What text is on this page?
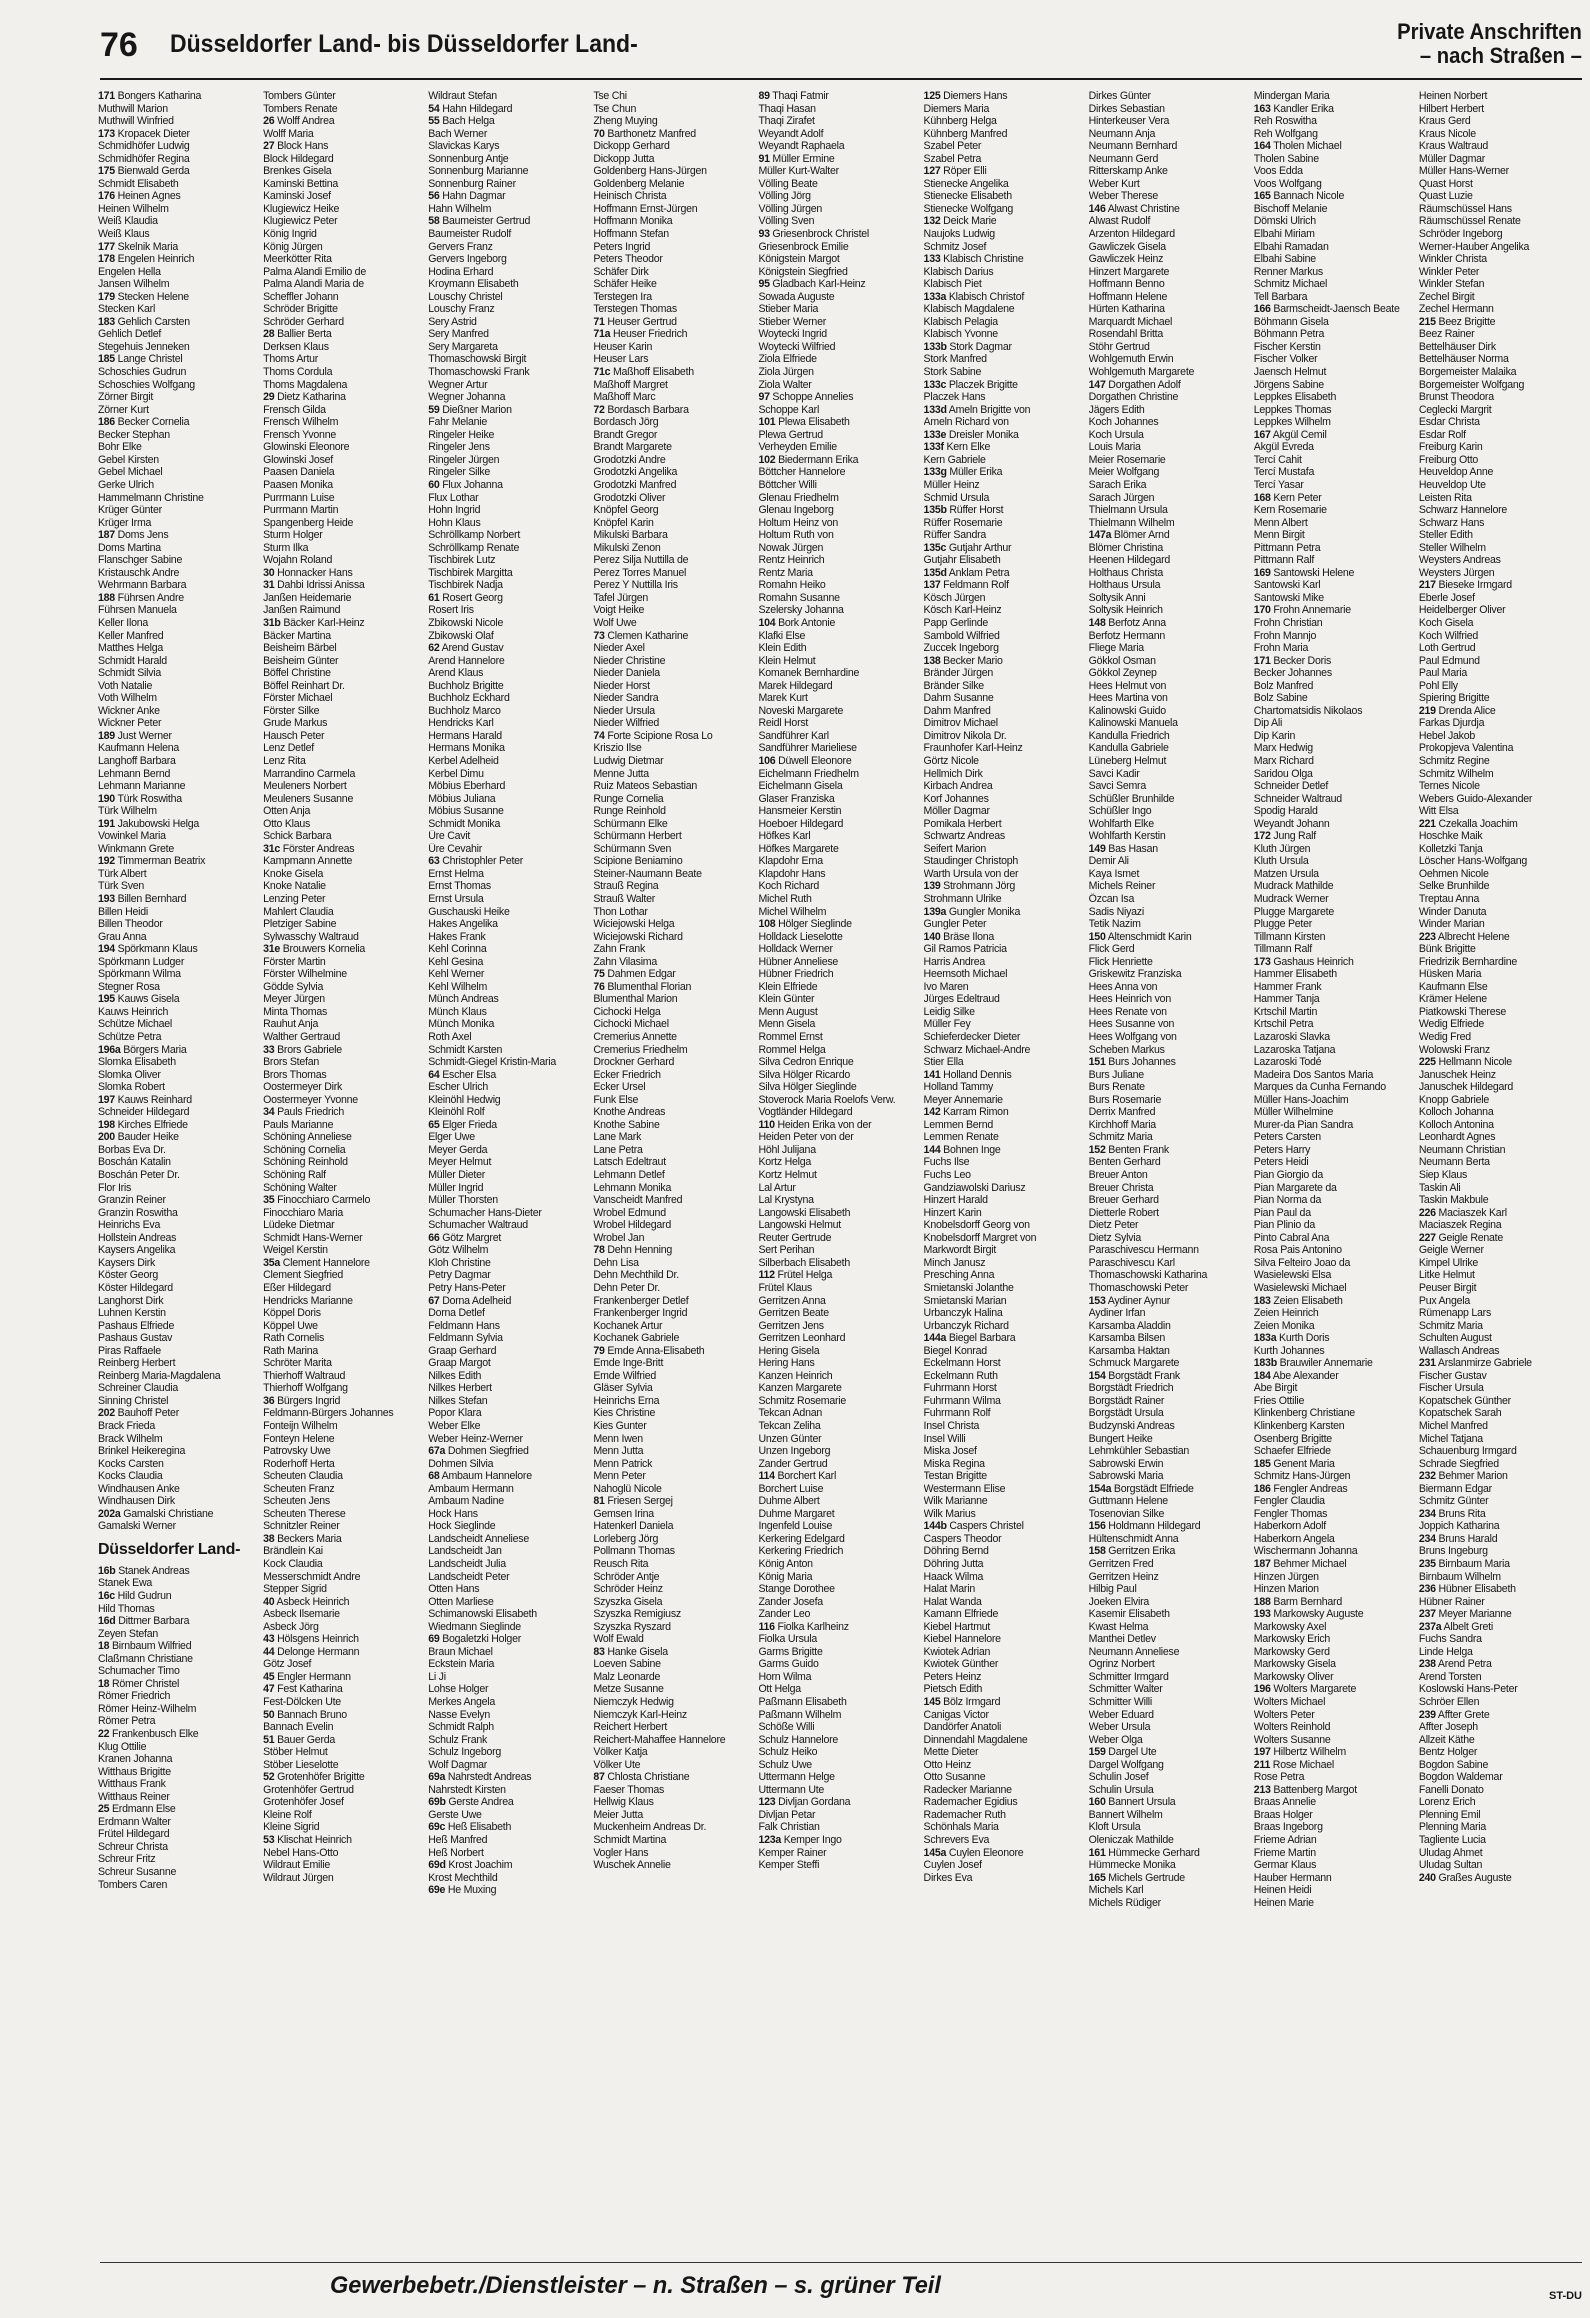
76 Düsseldorfer Land- bis Düsseldorfer Land-	Private Anschriften
– nach Straßen –
171 Bongers Katharina
Muthwill Marion
Muthwill Winfried
173 Kropacek Dieter
Schmidhöfer Ludwig
Schmidhöfer Regina
175 Bienwald Gerda
Schmidt Elisabeth
176 Heinen Agnes
Heinen Wilhelm
Weiß Klaudia
Weiß Klaus
177 Skelnik Maria
178 Engelen Heinrich
Engelen Hella
Jansen Wilhelm
179 Stecken Helene
Stecken Karl
183 Gehlich Carsten
Gehlich Detlef
Stegehuis Jenneken
185 Lange Christel
Schoschies Gudrun
Schoschies Wolfgang
Zörner Birgit
Zörner Kurt
186 Becker Cornelia
Becker Stephan
Bohr Elke
Gebel Kirsten
Gebel Michael
Gerke Ulrich
Hammelmann Christine
Krüger Günter
Krüger Irma
187 Doms Jens
Doms Martina
Flanschger Sabine
Kristauschk Andre
Wehrmann Barbara
188 Führsen Andre
Führsen Manuela
Keller Ilona
Keller Manfred
Matthes Helga
Schmidt Harald
Schmidt Silvia
Voth Natalie
Voth Wilhelm
Wickner Anke
Wickner Peter
189 Just Werner
Kaufmann Helena
Langhoff Barbara
Lehmann Bernd
Lehmann Marianne
190 Türk Roswitha
Türk Wilhelm
191 Jakubowski Helga
Vowinkel Maria
Winkmann Grete
192 Timmerman Beatrix
Türk Albert
Türk Sven
193 Billen Bernhard
Billen Heidi
Billen Theodor
Grau Anna
194 Spörkmann Klaus
Spörkmann Ludger
Spörkmann Wilma
Stegner Rosa
195 Kauws Gisela
Kauws Heinrich
Schütze Michael
Schütze Petra
196a Börgers Maria
Slomka Elisabeth
Slomka Oliver
Slomka Robert
197 Kauws Reinhard
Schneider Hildegard
198 Kirches Elfriede
200 Bauder Heike
Borbas Eva Dr.
Boschán Katalin
Boschán Peter Dr.
Flor Iris
Granzin Reiner
Granzin Roswitha
Heinrichs Eva
Hollstein Andreas
Kaysers Angelika
Kaysers Dirk
Köster Georg
Köster Hildegard
Langhorst Dirk
Luhnen Kerstin
Pashaus Elfriede
Pashaus Gustav
Piras Raffaele
Reinberg Herbert
Reinberg Maria-Magdalena
Schreiner Claudia
Sinning Christel
202 Bauhoff Peter
Brack Frieda
Brack Wilhelm
Brinkel Heikeregina
Kocks Carsten
Kocks Claudia
Windhausen Anke
Windhausen Dirk
202a Gamalski Christiane
Gamalski Werner
Düsseldorfer Land-
16b Stanek Andreas
Stanek Ewa
16c Hild Gudrun
Hild Thomas
16d Dittmer Barbara
Zeyen Stefan
18 Birnbaum Wilfried
Claßmann Christiane
Schumacher Timo
18 Römer Christel
Römer Friedrich
Römer Heinz-Wilhelm
Römer Petra
22 Frankenbusch Elke
Klug Ottilie
Kranen Johanna
Witthaus Brigitte
Witthaus Frank
Witthaus Reiner
25 Erdmann Else
Erdmann Walter
Frütel Hildegard
Schreur Christa
Schreur Fritz
Schreur Susanne
Tombers Caren
Tombers Günter
Tombers Renate
26 Wolff Andrea
Wolff Maria
27 Block Hans
Block Hildegard
Brenkes Gisela
Kaminski Bettina
Kaminski Josef
Klugiewicz Heike
Klugiewicz Peter
König Ingrid
König Jürgen
Meerkötter Rita
Palma Alandi Emilio de
Palma Alandi Maria de
Scheffler Johann
Schröder Brigitte
Schröder Gerhard
28 Ballier Berta
Derksen Klaus
Thoms Artur
Thoms Cordula
Thoms Magdalena
29 Dietz Katharina
Frensch Gilda
Frensch Wilhelm
Frensch Yvonne
Glowinski Eleonore
Glowinski Josef
Paasen Daniela
Paasen Monika
Purrmann Luise
Purrmann Martin
Spangenberg Heide
Sturm Holger
Sturm Ilka
Wojahn Roland
30 Honnacker Hans
31 Dahbi Idrissi Anissa
Janßen Heidemarie
Janßen Raimund
31b Bäcker Karl-Heinz
Bäcker Martina
Beisheim Bärbel
Beisheim Günter
Böffel Christine
Böffel Reinhart Dr.
Förster Michael
Förster Silke
Grude Markus
Hausch Peter
Lenz Detlef
Lenz Rita
Marrandino Carmela
Meuleners Norbert
Meuleners Susanne
Otten Anja
Otto Klaus
Schick Barbara
31c Förster Andreas
Kampmann Annette
Knoke Gisela
Knoke Natalie
Lenzing Peter
Mahlert Claudia
Pletziger Sabine
Sylwasschy Waltraud
31e Brouwers Kornelia
Förster Martin
Förster Wilhelmine
Gödde Sylvia
Meyer Jürgen
Minta Thomas
Rauhut Anja
Walther Gertraud
33 Brors Gabriele
Brors Stefan
Brors Thomas
Oostermeyer Dirk
Oostermeyer Yvonne
34 Pauls Friedrich
Pauls Marianne
Schöning Anneliese
Schöning Cornelia
Schöning Reinhold
Schöning Ralf
Schöning Walter
35 Finocchiaro Carmelo
Finocchiaro Maria
Lüdeke Dietmar
Schmidt Hans-Werner
Weigel Kerstin
35a Clement Hannelore
Clement Siegfried
Eßer Hildegard
Hendricks Marianne
Köppel Doris
Köppel Uwe
Rath Cornelis
Rath Marina
Schröter Marita
Thierhoff Waltraud
Thierhoff Wolfgang
36 Bürgers Ingrid
Feldmann-Bürgers Johannes
Fonteijn Wilhelm
Fonteyn Helene
Patrovsky Uwe
Roderhoff Herta
Scheuten Claudia
Scheuten Franz
Scheuten Jens
Scheuten Therese
Schnitzler Reiner
38 Beckers Maria
Brändlein Kai
Kock Claudia
Messerschmidt Andre
Stepper Sigrid
40 Asbeck Heinrich
Asbeck Ilsemarie
Asbeck Jörg
43 Hölsgens Heinrich
44 Delonge Hermann
Götz Josef
45 Engler Hermann
47 Fest Katharina
Fest-Dölcken Ute
50 Bannach Bruno
Bannach Evelin
51 Bauer Gerda
Stöber Helmut
Stöber Lieselotte
52 Grotenhöfer Brigitte
Grotenhöfer Gertrud
Grotenhöfer Josef
Kleine Rolf
Kleine Sigrid
53 Klischat Heinrich
Nebel Hans-Otto
Wildraut Emilie
Wildraut Jürgen
Wildraut Stefan
54 Hahn Hildegard
55 Bach Helga
Bach Werner
Slavickas Karys
Sonnenburg Antje
Sonnenburg Marianne
Sonnenburg Rainer
56 Hahn Dagmar
Hahn Wilhelm
58 Baumeister Gertrud
Baumeister Rudolf
Gervers Franz
Gervers Ingeborg
Hodina Erhard
Kroymann Elisabeth
Louschy Christel
Louschy Franz
Sery Astrid
Sery Manfred
Sery Margareta
Thomaschowski Birgit
Thomaschowski Frank
Wegner Artur
Wegner Johanna
59 Dießner Marion
Fahr Melanie
Ringeler Heike
Ringeler Jens
Ringeler Jürgen
Ringeler Silke
60 Flux Johanna
Flux Lothar
Hohn Ingrid
Hohn Klaus
Schröllkamp Norbert
Schröllkamp Renate
Tischbirek Lutz
Tischbirek Margitta
Tischbirek Nadja
61 Rosert Georg
Rosert Iris
Zbikowski Nicole
Zbikowski Olaf
62 Arend Gustav
Arend Hannelore
Arend Klaus
Buchholz Brigitte
Buchholz Eckhard
Buchholz Marco
Hendricks Karl
Hermans Harald
Hermans Monika
Kerbel Adelheid
Kerbel Dimu
Möbius Eberhard
Möbius Juliana
Möbius Susanne
Schmidt Monika
Üre Cavit
Üre Cevahir
63 Christophler Peter
Ernst Helma
Ernst Thomas
Ernst Ursula
Guschauski Heike
Hakes Angelika
Hakes Frank
Kehl Corinna
Kehl Gesina
Kehl Werner
Kehl Wilhelm
Münch Andreas
Münch Klaus
Münch Monika
Roth Axel
Schmidt Karsten
Schmidt-Giegel Kristin-Maria
64 Escher Elsa
Escher Ulrich
Kleinöhl Hedwig
Kleinöhl Rolf
65 Elger Frieda
Elger Uwe
Meyer Gerda
Meyer Helmut
Müller Dieter
Müller Ingrid
Müller Thorsten
Schumacher Hans-Dieter
Schumacher Waltraud
66 Götz Margret
Götz Wilhelm
Kloh Christine
Petry Dagmar
Petry Hans-Peter
67 Dorna Adelheid
Dorna Detlef
Feldmann Hans
Feldmann Sylvia
Graap Gerhard
Graap Margot
Nilkes Edith
Nilkes Herbert
Nilkes Stefan
Popor Klara
Weber Elke
Weber Heinz-Werner
67a Dohmen Siegfried
Dohmen Silvia
68 Ambaum Hannelore
Ambaum Hermann
Ambaum Nadine
Hock Hans
Hock Sieglinde
Landscheidt Anneliese
Landscheidt Jan
Landscheidt Julia
Landscheidt Peter
Otten Hans
Otten Marliese
Schimanowski Elisabeth
Wiedmann Sieglinde
69 Bogaletzki Holger
Braun Michael
Eckstein Maria
Li Ji
Lohse Holger
Merkes Angela
Nasse Evelyn
Schmidt Ralph
Schulz Frank
Schulz Ingeborg
Wolf Dagmar
69a Nahrstedt Andreas
Nahrstedt Kirsten
69b Gerste Andrea
Gerste Uwe
69c Heß Elisabeth
Heß Manfred
Heß Norbert
69d Krost Joachim
Krost Mechthild
69e He Muxing
Tse Chi
Tse Chun
Zheng Muying
70 Barthonetz Manfred
Dickopp Gerhard
Dickopp Jutta
Goldenberg Hans-Jürgen
Goldenberg Melanie
Heinisch Christa
Hoffmann Ernst-Jürgen
Hoffmann Monika
Hoffmann Stefan
Peters Ingrid
Peters Theodor
Schäfer Dirk
Schäfer Heike
Terstegen Ira
Terstegen Thomas
71 Heuser Gertrud
71a Heuser Friedrich
Heuser Karin
Heuser Lars
71c Maßhoff Elisabeth
Maßhoff Margret
Maßhoff Marc
72 Bordasch Barbara
Bordasch Jörg
Brandt Gregor
Brandt Margarete
Grodotzki Andre
Grodotzki Angelika
Grodotzki Manfred
Grodotzki Oliver
Knöpfel Georg
Knöpfel Karin
Mikulski Barbara
Mikulski Zenon
Perez Silja Nuttilla de
Perez Torres Manuel
Perez Y Nuttilla Iris
Tafel Jürgen
Voigt Heike
Wolf Uwe
73 Clemen Katharine
Nieder Axel
Nieder Christine
Nieder Daniela
Nieder Horst
Nieder Sandra
Nieder Ursula
Nieder Wilfried
74 Forte Scipione Rosa Lo
Kriszio Ilse
Ludwig Dietmar
Menne Jutta
Ruiz Mateos Sebastian
Runge Cornelia
Runge Reinhold
Schürmann Elke
Schürmann Herbert
Schürmann Sven
Scipione Beniamino
Steiner-Naumann Beate
Strauß Regina
Strauß Walter
Thon Lothar
Wiciejowski Helga
Wiciejowski Richard
Zahn Frank
Zahn Vilasima
75 Dahmen Edgar
76 Blumenthal Florian
Blumenthal Marion
Cichocki Helga
Cichocki Michael
Cremerius Annette
Cremerius Friedhelm
Drockner Gerhard
Ecker Friedrich
Ecker Ursel
Funk Else
Knothe Andreas
Knothe Sabine
Lane Mark
Lane Petra
Latsch Edeltraut
Lehmann Detlef
Lehmann Monika
Vanscheidt Manfred
Wrobel Edmund
Wrobel Hildegard
Wrobel Jan
78 Dehn Henning
Dehn Lisa
Dehn Mechthild Dr.
Dehn Peter Dr.
Frankenberger Detlef
Frankenberger Ingrid
Kochanek Artur
Kochanek Gabriele
79 Emde Anna-Elisabeth
Emde Inge-Britt
Emde Wilfried
Gläser Sylvia
Heinrichs Erna
Kies Christine
Kies Gunter
Menn Iwen
Menn Jutta
Menn Patrick
Menn Peter
Nahoglü Nicole
81 Friesen Sergej
Gemsen Irina
Hatenkerl Daniela
Lorleberg Jörg
Pollmann Thomas
Reusch Rita
Schröder Antje
Schröder Heinz
Szyszka Gisela
Szyszka Remigiusz
Szyszka Ryszard
Wolf Ewald
83 Hanke Gisela
Loeven Sabine
Malz Leonarde
Metze Susanne
Niemczyk Hedwig
Niemczyk Karl-Heinz
Reichert Herbert
Reichert-Mahaffee Hannelore
Völker Katja
Völker Ute
87 Chlosta Christiane
Faeser Thomas
Hellwig Klaus
Meier Jutta
Muckenheim Andreas Dr.
Schmidt Martina
Vogler Hans
Wuschek Annelie
89 Thaqi Fatmir
Thaqi Hasan
Thaqi Zirafet
Weyandt Adolf
Weyandt Raphaela
91 Müller Ermine
Müller Kurt-Walter
Völling Beate
Völling Jörg
Völling Jürgen
Völling Sven
93 Griesenbrock Christel
Griesenbrock Emilie
Königstein Margot
Königstein Siegfried
95 Gladbach Karl-Heinz
Sowada Auguste
Stieber Maria
Stieber Werner
Woytecki Ingrid
Woytecki Wilfried
Ziola Elfriede
Ziola Jürgen
Ziola Walter
97 Schoppe Annelies
Schoppe Karl
101 Plewa Elisabeth
Plewa Gertrud
Verheyden Emilie
102 Biedermann Erika
Böttcher Hannelore
Böttcher Willi
Glenau Friedhelm
Glenau Ingeborg
Holtum Heinz von
Holtum Ruth von
Nowak Jürgen
Rentz Heinrich
Rentz Maria
Romahn Heiko
Romahn Susanne
Szelersky Johanna
104 Bork Antonie
Klafki Else
Klein Edith
Klein Helmut
Komanek Bernhardine
Marek Hildegard
Marek Kurt
Noveski Margarete
Reidl Horst
Sandführer Karl
Sandführer Marieliese
106 Düwell Eleonore
Eichelmann Friedhelm
Eichelmann Gisela
Glaser Franziska
Hansmeier Kerstin
Hoeboer Hildegard
Höfkes Karl
Höfkes Margarete
Klapdohr Erna
Klapdohr Hans
Koch Richard
Michel Ruth
Michel Wilhelm
108 Hölger Sieglinde
Holldack Lieselotte
Holldack Werner
Hübner Anneliese
Hübner Friedrich
Klein Elfriede
Klein Günter
Menn August
Menn Gisela
Rommel Ernst
Rommel Helga
Silva Cedron Enrique
Silva Hölger Ricardo
Silva Hölger Sieglinde
Stoverock Maria Roelofs Verw.
Vogtländer Hildegard
110 Heiden Erika von der
Heiden Peter von der
Höhl Julijana
Kortz Helga
Kortz Helmut
Lal Artur
Lal Krystyna
Langowski Elisabeth
Langowski Helmut
Reuter Gertrude
Sert Perihan
Silberbach Elisabeth
112 Frütel Helga
Frütel Klaus
Gerritzen Anna
Gerritzen Beate
Gerritzen Jens
Gerritzen Leonhard
Hering Gisela
Hering Hans
Kanzen Heinrich
Kanzen Margarete
Schmitz Rosemarie
Tekcan Adnan
Tekcan Zeliha
Unzen Günter
Unzen Ingeborg
Zander Gertrud
114 Borchert Karl
Borchert Luise
Duhme Albert
Duhme Margaret
Ingenfeld Louise
Kerkering Edelgard
Kerkering Friedrich
König Anton
König Maria
Stange Dorothee
Zander Josefa
Zander Leo
116 Fiolka Karlheinz
Fiolka Ursula
Garms Brigitte
Garms Guido
Horn Wilma
Ott Helga
Paßmann Elisabeth
Paßmann Wilhelm
Schöße Willi
Schulz Hannelore
Schulz Heiko
Schulz Uwe
Uttermann Helge
Uttermann Ute
123 Divljan Gordana
Divljan Petar
Falk Christian
123a Kemper Ingo
Kemper Rainer
Kemper Steffi
125 Diemers Hans
Diemers Maria
Kühnberg Helga
Kühnberg Manfred
Szabel Peter
Szabel Petra
127 Röper Elli
Stienecke Angelika
Stienecke Elisabeth
Stienecke Wolfgang
132 Deick Marie
Naujoks Ludwig
Schmitz Josef
133 Klabisch Christine
Klabisch Darius
Klabisch Piet
133a Klabisch Christof
Klabisch Magdalene
Klabisch Pelagia
Klabisch Yvonne
133b Stork Dagmar
Stork Manfred
Stork Sabine
133c Placzek Brigitte
Placzek Hans
133d Ameln Brigitte von
Ameln Richard von
133e Dreisler Monika
133f Kern Elke
Kern Gabriele
133g Müller Erika
Müller Heinz
Schmid Ursula
135b Rüffer Horst
Rüffer Rosemarie
Rüffer Sandra
135c Gutjahr Arthur
Gutjahr Elisabeth
135d Anklam Petra
137 Feldmann Rolf
Kösch Jürgen
Kösch Karl-Heinz
Papp Gerlinde
Sambold Wilfried
Zuccek Ingeborg
138 Becker Mario
Bränder Jürgen
Bränder Silke
Dahm Susanne
Dahm Manfred
Dimitrov Michael
Dimitrov Nikola Dr.
Fraunhofer Karl-Heinz
Görtz Nicole
Hellmich Dirk
Kirbach Andrea
Korf Johannes
Möller Dagmar
Pomikala Herbert
Schwartz Andreas
Seifert Marion
Staudinger Christoph
Warth Ursula von der
139 Strohmann Jörg
Strohmann Ulrike
139a Gungler Monika
Gungler Peter
140 Bräse Ilona
Gil Ramos Patricia
Harris Andrea
Heemsoth Michael
Ivo Maren
Jürges Edeltraud
Leidig Silke
Müller Fey
Schieferdecker Dieter
Schwarz Michael-Andre
Stier Ella
141 Holland Dennis
Holland Tammy
Meyer Annemarie
142 Karram Rimon
Lemmen Bernd
Lemmen Renate
144 Bohnen Inge
Fuchs Ilse
Fuchs Leo
Gandziawolski Dariusz
Hinzert Harald
Hinzert Karin
Knobelsdorff Georg von
Knobelsdorff Margret von
Markwordt Birgit
Minch Janusz
Presching Anna
Smietanski Jolanthe
Smietanski Marian
Urbanczyk Halina
Urbanczyk Richard
144a Biegel Barbara
Biegel Konrad
Eckelmann Horst
Eckelmann Ruth
Fuhrmann Horst
Fuhrmann Wilma
Fuhrmann Rolf
Insel Christa
Insel Willi
Miska Josef
Miska Regina
Testan Brigitte
Westermann Elise
Wilk Marianne
Wilk Marius
144b Caspers Christel
Caspers Theodor
Döhring Bernd
Döhring Jutta
Haack Wilma
Halat Marin
Halat Wanda
Kamann Elfriede
Kiebel Hartmut
Kiebel Hannelore
Kwiotek Adrian
Kwiotek Günther
Peters Heinz
Pietsch Edith
145 Bölz Irmgard
Canigas Victor
Dandörfer Anatoli
Dinnendahl Magdalene
Mette Dieter
Otto Heinz
Otto Susanne
Radecker Marianne
Rademacher Egidius
Rademacher Ruth
Schönhals Maria
Schrevers Eva
145a Cuylen Eleonore
Cuylen Josef
Dirkes Eva
Dirkes Günter
Dirkes Sebastian
Hinterkeuser Vera
Neumann Anja
Neumann Bernhard
Neumann Gerd
Ritterskamp Anke
Weber Kurt
Weber Therese
146 Alwast Christine
Alwast Rudolf
Arzenton Hildegard
Gawliczek Gisela
Gawliczek Heinz
Hinzert Margarete
Hoffmann Benno
Hoffmann Helene
Hürten Katharina
Marquardt Michael
Rosendahl Britta
Stöhr Gertrud
Wohlgemuth Erwin
Wohlgemuth Margarete
147 Dorgathen Adolf
Dorgathen Christine
Jägers Edith
Koch Johannes
Koch Ursula
Louis Maria
Meier Rosemarie
Meier Wolfgang
Sarach Erika
Sarach Jürgen
Thielmann Ursula
Thielmann Wilhelm
147a Blömer Arnd
Blömer Christina
Heenen Hildegard
Holthaus Christa
Holthaus Ursula
Soltysik Anni
Soltysik Heinrich
148 Berfotz Anna
Berfotz Hermann
Fliege Maria
Gökkol Osman
Gökkol Zeynep
Hees Helmut von
Hees Martina von
Kalinowski Guido
Kalinowski Manuela
Kandulla Friedrich
Kandulla Gabriele
Lüneberg Helmut
Savci Kadir
Savci Semra
Schüßler Brunhilde
Schüßler Ingo
Wohlfarth Elke
Wohlfarth Kerstin
149 Bas Hasan
Demir Ali
Kaya Ismet
Michels Reiner
Özcan Isa
Sadis Niyazi
Tetik Nazim
150 Altenschmidt Karin
Flick Gerd
Flick Henriette
Griskewitz Franziska
Hees Anna von
Hees Heinrich von
Hees Renate von
Hees Susanne von
Hees Wolfgang von
Scheben Markus
151 Burs Johannes
Burs Juliane
Burs Renate
Burs Rosemarie
Derrix Manfred
Kirchhoff Maria
Schmitz Maria
152 Benten Frank
Benten Gerhard
Breuer Anton
Breuer Christa
Breuer Gerhard
Dietterle Robert
Dietz Peter
Dietz Sylvia
Paraschivescu Hermann
Paraschivescu Karl
Thomaschowski Katharina
Thomaschowski Peter
153 Aydiner Aynur
Aydiner Irfan
Karsamba Aladdin
Karsamba Bilsen
Karsamba Haktan
Schmuck Margarete
154 Borgstädt Frank
Borgstädt Friedrich
Borgstädt Rainer
Borgstädt Ursula
Budzynski Andreas
Bungert Heike
Lehmkühler Sebastian
Sabrowski Erwin
Sabrowski Maria
154a Borgstädt Elfriede
Guttmann Helene
Tosenovian Silke
156 Holdmann Hildegard
Hültenschmidt Anna
158 Gerritzen Erika
Gerritzen Fred
Gerritzen Heinz
Hilbig Paul
Joeken Elvira
Kasemir Elisabeth
Kwast Helma
Manthei Detlev
Neumann Anneliese
Ogrinz Norbert
Schmitter Irmgard
Schmitter Walter
Schmitter Willi
Weber Eduard
Weber Ursula
Weber Olga
159 Dargel Ute
Dargel Wolfgang
Schulin Josef
Schulin Ursula
160 Bannert Ursula
Bannert Wilhelm
Kloft Ursula
Oleniczak Mathilde
161 Hümmecke Gerhard
Hümmecke Monika
165 Michels Gertrude
Michels Karl
Michels Rüdiger
Mindergan Maria
163 Kandler Erika
Reh Roswitha
Reh Wolfgang
164 Tholen Michael
Tholen Sabine
Voos Edda
Voos Wolfgang
165 Bannach Nicole
Bischoff Melanie
Dömski Ulrich
Elbahi Miriam
Elbahi Ramadan
Elbahi Sabine
Renner Markus
Schmitz Michael
Tell Barbara
166 Barmscheidt-Jaensch Beate
Böhmann Gisela
Böhmann Petra
Fischer Kerstin
Fischer Volker
Jaensch Helmut
Jörgens Sabine
Leppkes Elisabeth
Leppkes Thomas
Leppkes Wilhelm
167 Akgül Cemil
Akgül Evreda
Tercí Cahit
Tercí Mustafa
Tercí Yasar
168 Kern Peter
Kern Rosemarie
Menn Albert
Menn Birgit
Pittmann Petra
Pittmann Ralf
169 Santowski Helene
Santowski Karl
Santowski Mike
170 Frohn Annemarie
Frohn Christian
Frohn Mannjo
Frohn Maria
171 Becker Doris
Becker Johannes
Bolz Manfred
Bolz Sabine
Chartomatsidis Nikolaos
Dip Ali
Dip Karin
Marx Hedwig
Marx Richard
Saridou Olga
Schneider Detlef
Schneider Waltraud
Spodig Harald
Weyandt Johann
172 Jung Ralf
Kluth Jürgen
Kluth Ursula
Matzen Ursula
Mudrack Mathilde
Mudrack Werner
Plugge Margarete
Plugge Peter
Tillmann Kirsten
Tillmann Ralf
173 Gashaus Heinrich
Hammer Elisabeth
Hammer Frank
Hammer Tanja
Krtschil Martin
Krtschil Petra
Lazaroski Slavka
Lazaroska Tatjana
Lazaroski Todé
Madeira Dos Santos Maria
Marques da Cunha Fernando
Müller Hans-Joachim
Müller Wilhelmine
Murer-da Pian Sandra
Peters Carsten
Peters Harry
Peters Heidi
Pian Giorgio da
Pian Margarete da
Pian Norma da
Pian Paul da
Pian Plinio da
Pinto Cabral Ana
Rosa Pais Antonino
Silva Felteiro Joao da
Wasielewski Elsa
Wasielewski Michael
183 Zeien Elisabeth
Zeien Heinrich
Zeien Monika
183a Kurth Doris
Kurth Johannes
183b Brauwiler Annemarie
184 Abe Alexander
Abe Birgit
Fries Ottilie
Klinkenberg Christiane
Klinkenberg Karsten
Osenberg Brigitte
Schaefer Elfriede
185 Genent Maria
Schmitz Hans-Jürgen
186 Fengler Andreas
Fengler Claudia
Fengler Thomas
Haberkorn Adolf
Haberkorn Angela
Wischermann Johanna
187 Behmer Michael
Hinzen Jürgen
Hinzen Marion
188 Barm Bernhard
193 Markowsky Auguste
Markowsky Axel
Markowsky Erich
Markowsky Gerd
Markowsky Gisela
Markowsky Oliver
196 Wolters Margarete
Wolters Michael
Wolters Peter
Wolters Reinhold
Wolters Susanne
197 Hilbertz Wilhelm
211 Rose Michael
Rose Petra
213 Battenberg Margot
Braas Annelie
Braas Holger
Braas Ingeborg
Frieme Adrian
Frieme Martin
Germar Klaus
Hauber Hermann
Heinen Heidi
Heinen Marie
Heinen Norbert
Hilbert Herbert
Kraus Gerd
Kraus Nicole
Kraus Waltraud
Müller Dagmar
Müller Hans-Werner
Quast Horst
Quast Luzie
Räumschüssel Hans
Räumschüssel Renate
Schröder Ingeborg
Werner-Hauber Angelika
Winkler Christa
Winkler Peter
Winkler Stefan
Zechel Birgit
Zechel Hermann
215 Beez Brigitte
Beez Rainer
Bettelhäuser Dirk
Bettelhäuser Norma
Borgemeister Malaika
Borgemeister Wolfgang
Brunst Theodora
Ceglecki Margrit
Esdar Christa
Esdar Rolf
Freiburg Karin
Freiburg Otto
Heuveldop Anne
Heuveldop Ute
Leisten Rita
Schwarz Hannelore
Schwarz Hans
Steller Edith
Steller Wilhelm
Weysters Andreas
Weysters Jürgen
217 Bieseke Irmgard
Eberle Josef
Heidelberger Oliver
Koch Gisela
Koch Wilfried
Loth Gertrud
Paul Edmund
Paul Maria
Pohl Elly
Spiering Brigitte
219 Drenda Alice
Farkas Djurdja
Hebel Jakob
Prokopjeva Valentina
Schmitz Regine
Schmitz Wilhelm
Ternes Nicole
Webers Guido-Alexander
Witt Elsa
221 Czekalla Joachim
Hoschke Maik
Kolletzki Tanja
Löscher Hans-Wolfgang
Oehmen Nicole
Selke Brunhilde
Treptau Anna
Winder Danuta
Winder Marian
223 Albrecht Helene
Bünk Brigitte
Friedrizik Bernhardine
Hüsken Maria
Kaufmann Else
Krämer Helene
Piatkowski Therese
Wedig Elfriede
Wedig Fred
Wolowski Franz
225 Hellmann Nicole
Januschek Heinz
Januschek Hildegard
Knopp Gabriele
Kolloch Johanna
Kolloch Antonina
Leonhardt Agnes
Neumann Christian
Neumann Berta
Siep Klaus
Taskin Ali
Taskin Makbule
226 Maciaszek Karl
Maciaszek Regina
227 Geigle Renate
Geigle Werner
Kimpel Ulrike
Litke Helmut
Peuser Birgit
Pux Angela
Rümenapp Lars
Schmitz Maria
Schulten August
Wallasch Andreas
231 Arslanmirze Gabriele
Fischer Gustav
Fischer Ursula
Kopatschek Günther
Kopatschek Sarah
Michel Manfred
Michel Tatjana
Schauenburg Irmgard
Schrade Siegfried
232 Behmer Marion
Biermann Edgar
Schmitz Günter
234 Bruns Rita
Joppich Katharina
234 Bruns Harald
Bruns Ingeburg
235 Birnbaum Maria
Birnbaum Wilhelm
236 Hübner Elisabeth
Hübner Rainer
237 Meyer Marianne
237a Albelt Greti
Fuchs Sandra
Linde Helga
238 Arend Petra
Arend Torsten
Koslowski Hans-Peter
Schröer Ellen
239 Affter Grete
Affter Joseph
Allzeit Käthe
Bentz Holger
Bogdon Sabine
Bogdon Waldemar
Fanelli Donato
Lorenz Erich
Plenning Emil
Plenning Maria
Tagliente Lucia
Uludag Ahmet
Uludag Sultan
240 Graßes Auguste
Gewerbebetr./Dienstleister – n. Straßen – s. grüner Teil	ST-DU
